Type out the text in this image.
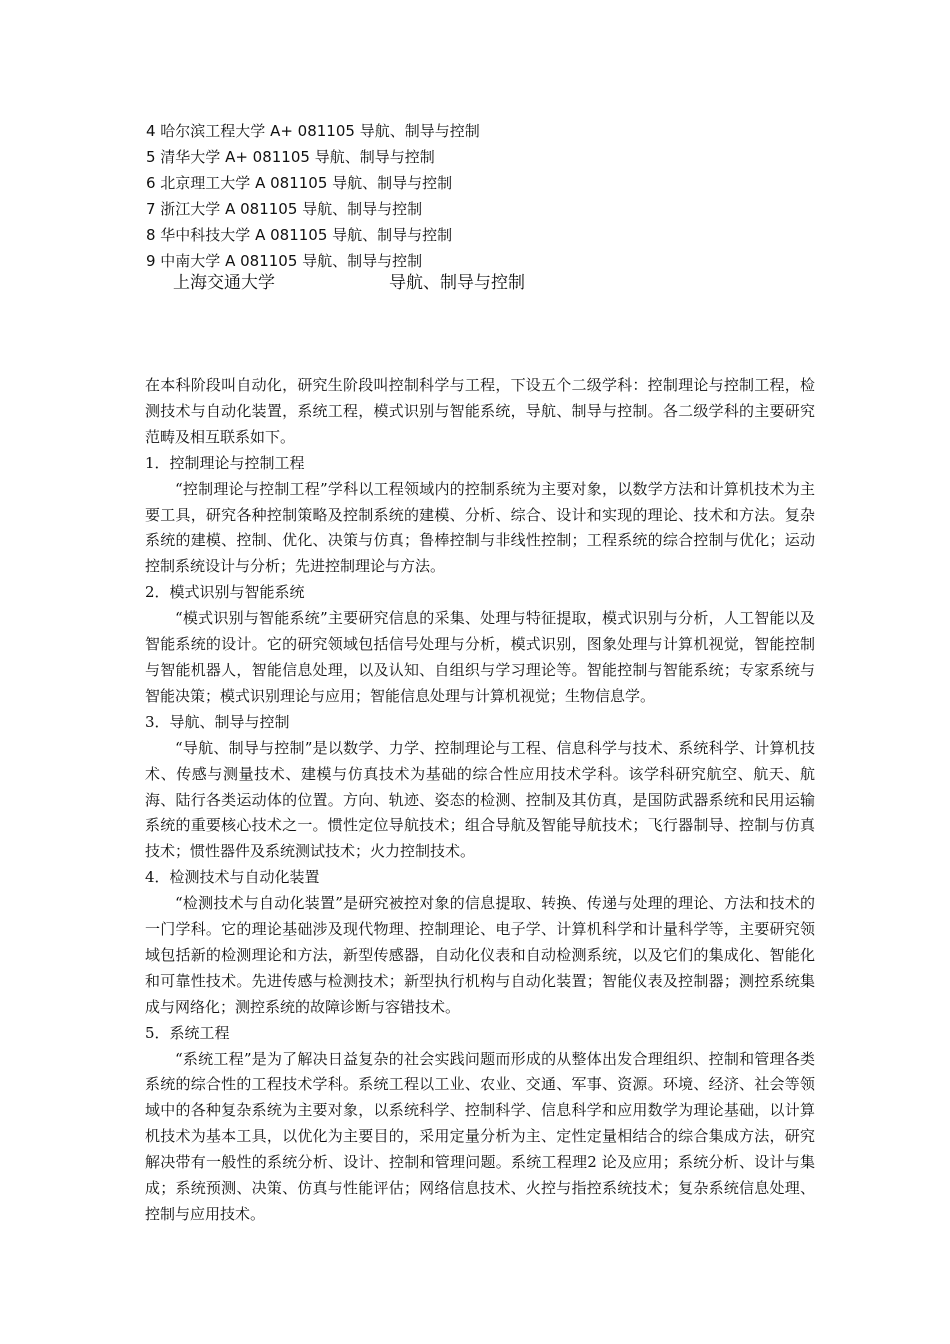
4 哈尔滨工程大学 A+ 081105 导航、制导与控制
5 清华大学 A+ 081105 导航、制导与控制
6 北京理工大学 A 081105 导航、制导与控制
7 浙江大学 A 081105 导航、制导与控制
8 华中科技大学 A 081105 导航、制导与控制
9 中南大学 A 081105 导航、制导与控制
上海交通大学	导航、制导与控制

在本科阶段叫自动化，研究生阶段叫控制科学与工程，下设五个二级学科：控制理论与控制工程，检测技术与自动化装置，系统工程，模式识别与智能系统，导航、制导与控制。各二级学科的主要研究范畴及相互联系如下。

1．控制理论与控制工程

“控制理论与控制工程”学科以工程领域内的控制系统为主要对象，以数学方法和计算机技术为主要工具，研究各种控制策略及控制系统的建模、分析、综合、设计和实现的理论、技术和方法。复杂系统的建模、控制、优化、决策与仿真；鲁棒控制与非线性控制；工程系统的综合控制与优化；运动控制系统设计与分析；先进控制理论与方法。

2．模式识别与智能系统

“模式识别与智能系统”主要研究信息的采集、处理与特征提取，模式识别与分析，人工智能以及智能系统的设计。它的研究领域包括信号处理与分析，模式识别，图象处理与计算机视觉，智能控制与智能机器人，智能信息处理，以及认知、自组织与学习理论等。智能控制与智能系统；专家系统与智能决策；模式识别理论与应用；智能信息处理与计算机视觉；生物信息学。

3．导航、制导与控制

“导航、制导与控制”是以数学、力学、控制理论与工程、信息科学与技术、系统科学、计算机技术、传感与测量技术、建模与仿真技术为基础的综合性应用技术学科。该学科研究航空、航天、航海、陆行各类运动体的位置。方向、轨迹、姿态的检测、控制及其仿真，是国防武器系统和民用运输系统的重要核心技术之一。惯性定位导航技术；组合导航及智能导航技术；飞行器制导、控制与仿真技术；惯性器件及系统测试技术；火力控制技术。

4．检测技术与自动化装置

“检测技术与自动化装置”是研究被控对象的信息提取、转换、传递与处理的理论、方法和技术的一门学科。它的理论基础涉及现代物理、控制理论、电子学、计算机科学和计量科学等，主要研究领域包括新的检测理论和方法，新型传感器，自动化仪表和自动检测系统，以及它们的集成化、智能化和可靠性技术。先进传感与检测技术；新型执行机构与自动化装置；智能仪表及控制器；测控系统集成与网络化；测控系统的故障诊断与容错技术。

5．系统工程

“系统工程”是为了解决日益复杂的社会实践问题而形成的从整体出发合理组织、控制和管理各类系统的综合性的工程技术学科。系统工程以工业、农业、交通、军事、资源。环境、经济、社会等领域中的各种复杂系统为主要对象，以系统科学、控制科学、信息科学和应用数学为理论基础，以计算机技术为基本工具，以优化为主要目的，采用定量分析为主、定性定量相结合的综合集成方法，研究解决带有一般性的系统分析、设计、控制和管理问题。系统工程理2 论及应用；系统分析、设计与集成；系统预测、决策、仿真与性能评估；网络信息技术、火控与指控系统技术；复杂系统信息处理、控制与应用技术。
